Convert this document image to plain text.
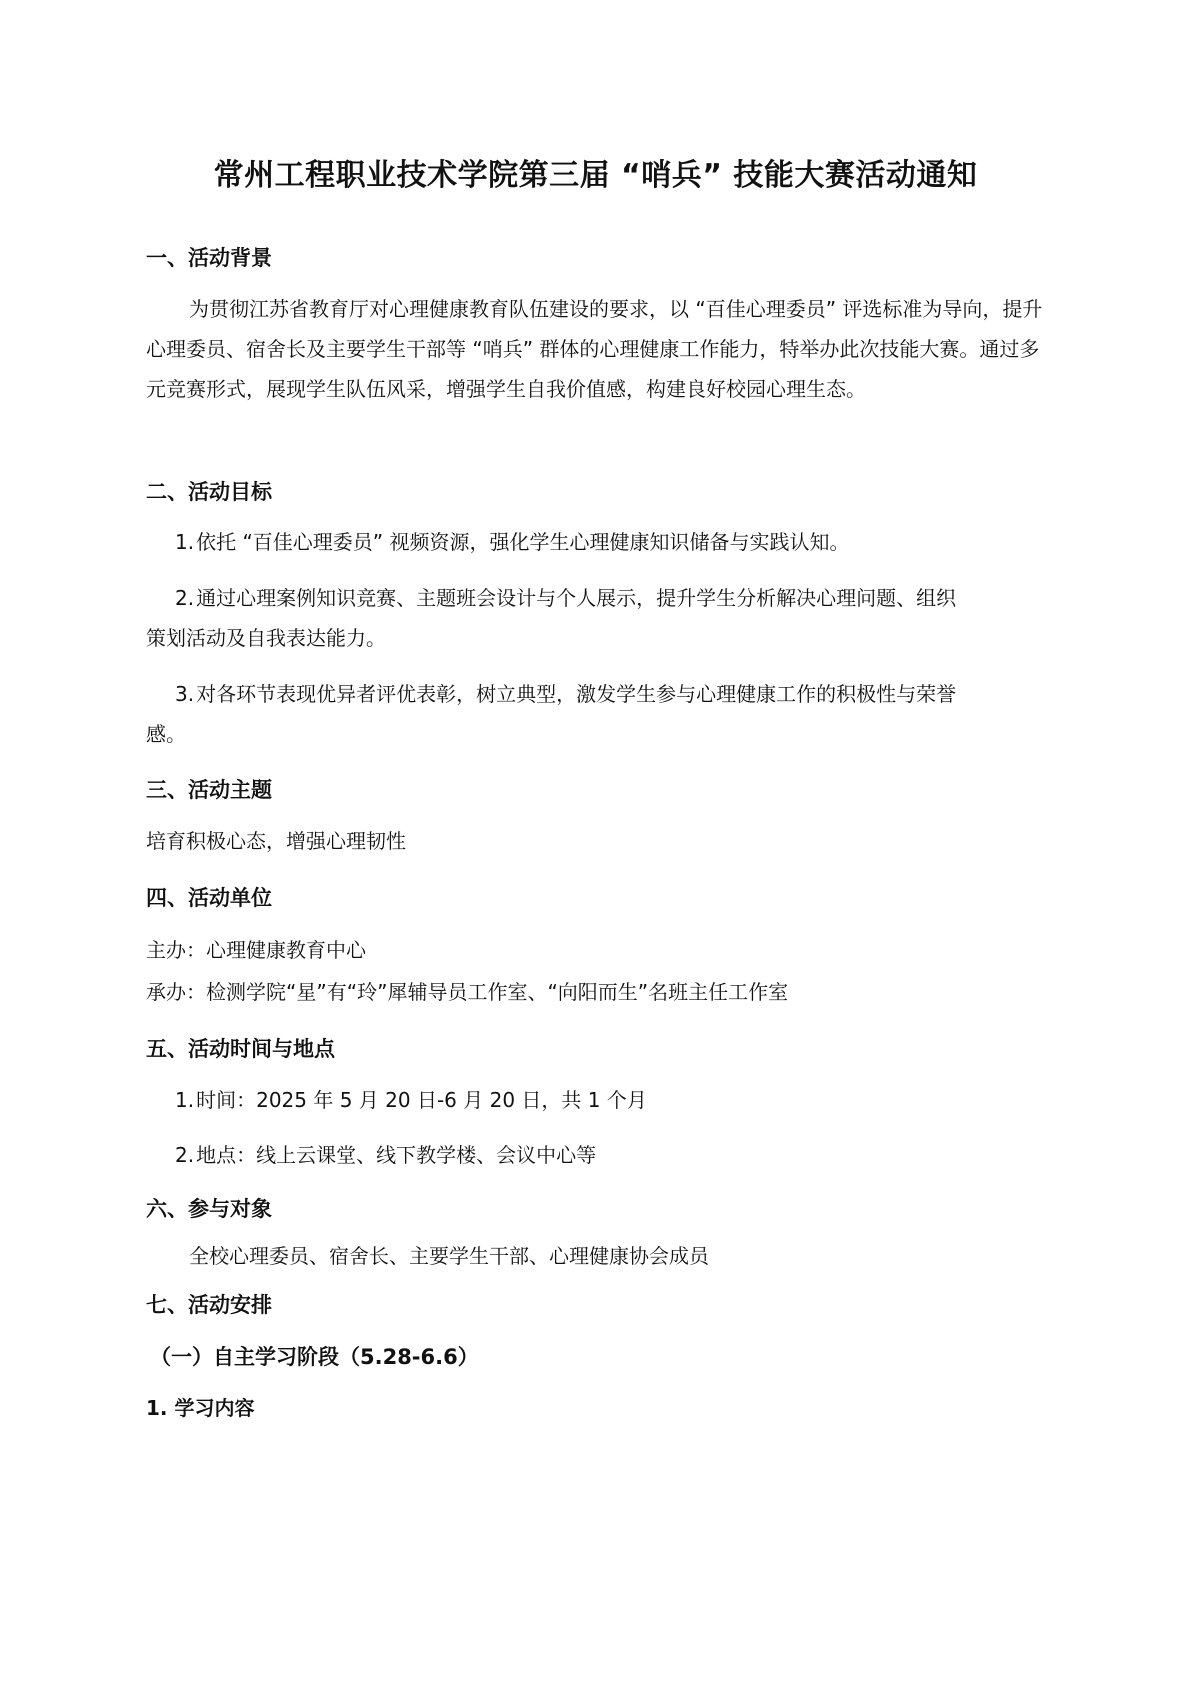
常州工程职业技术学院第三届 “哨兵” 技能大赛活动通知
一、活动背景
为贯彻江苏省教育厅对心理健康教育队伍建设的要求，以 “百佳心理委员” 评选标准为导向，提升心理委员、宿舍长及主要学生干部等 “哨兵” 群体的心理健康工作能力，特举办此次技能大赛。通过多元竞赛形式，展现学生队伍风采，增强学生自我价值感，构建良好校园心理生态。
二、活动目标
1. 依托 “百佳心理委员” 视频资源，强化学生心理健康知识储备与实践认知。
2. 通过心理案例知识竞赛、主题班会设计与个人展示，提升学生分析解决心理问题、组织
策划活动及自我表达能力。
3. 对各环节表现优异者评优表彰，树立典型，激发学生参与心理健康工作的积极性与荣誉
感。
三、活动主题
培育积极心态，增强心理韧性
四、活动单位
主办：心理健康教育中心
承办：检测学院“星”有“玲”犀辅导员工作室、“向阳而生”名班主任工作室
五、活动时间与地点
1. 时间：2025 年 5 月 20 日-6 月 20 日，共 1 个月
2. 地点：线上云课堂、线下教学楼、会议中心等
六、参与对象
全校心理委员、宿舍长、主要学生干部、心理健康协会成员
七、活动安排
（一）自主学习阶段（5.28-6.6）
1. 学习内容
